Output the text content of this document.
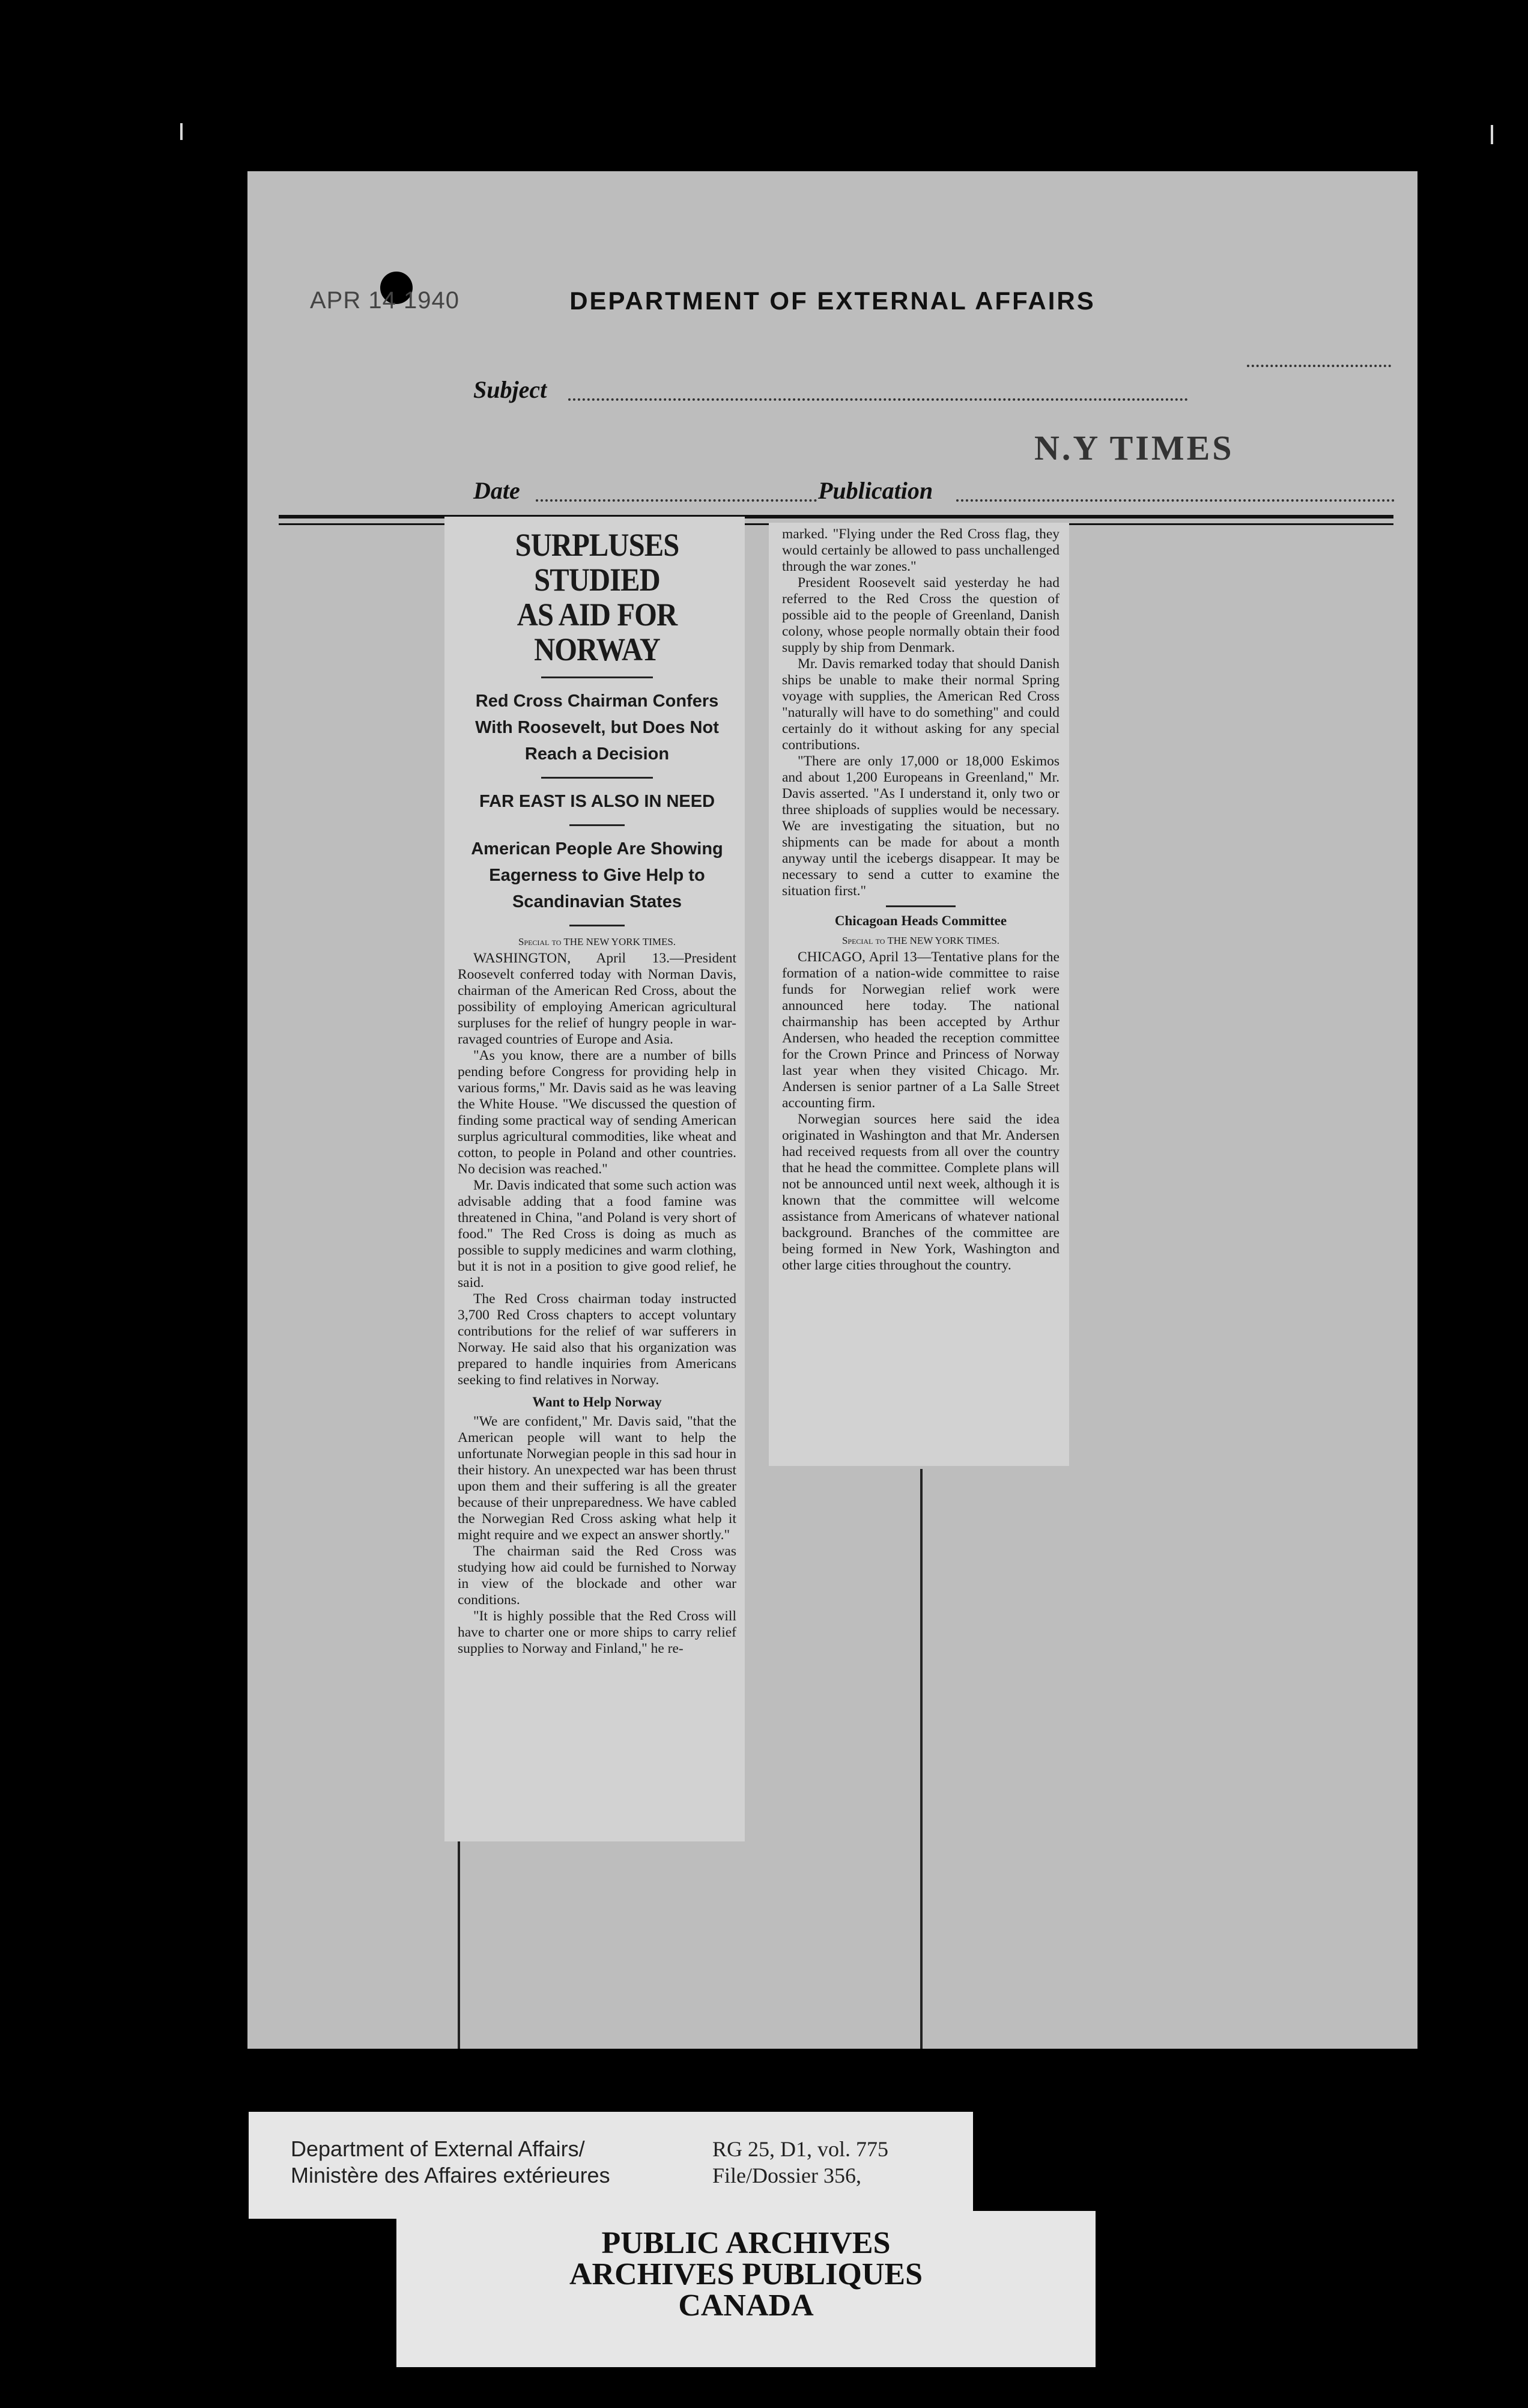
DEPARTMENT OF EXTERNAL AFFAIRS
Subject
Date	Publication
APR 14 1940
N.Y TIMES
SURPLUSES STUDIED
AS AID FOR NORWAY
Red Cross Chairman Confers With Roosevelt, but Does Not Reach a Decision
FAR EAST IS ALSO IN NEED
American People Are Showing Eagerness to Give Help to Scandinavian States
Special to THE NEW YORK TIMES.

WASHINGTON, April 13.—President Roosevelt conferred today with Norman Davis, chairman of the American Red Cross, about the possibility of employing American agricultural surpluses for the relief of hungry people in war-ravaged countries of Europe and Asia.

"As you know, there are a number of bills pending before Congress for providing help in various forms," Mr. Davis said as he was leaving the White House. "We discussed the question of finding some practical way of sending American surplus agricultural commodities, like wheat and cotton, to people in Poland and other countries. No decision was reached."

Mr. Davis indicated that some such action was advisable adding that a food famine was threatened in China, "and Poland is very short of food." The Red Cross is doing as much as possible to supply medicines and warm clothing, but it is not in a position to give good relief, he said.

The Red Cross chairman today instructed 3,700 Red Cross chapters to accept voluntary contributions for the relief of war sufferers in Norway. He said also that his organization was prepared to handle inquiries from Americans seeking to find relatives in Norway.

Want to Help Norway

"We are confident," Mr. Davis said, "that the American people will want to help the unfortunate Norwegian people in this sad hour in their history. An unexpected war has been thrust upon them and their suffering is all the greater because of their unpreparedness. We have cabled the Norwegian Red Cross asking what help it might require and we expect an answer shortly."

The chairman said the Red Cross was studying how aid could be furnished to Norway in view of the blockade and other war conditions.

"It is highly possible that the Red Cross will have to charter one or more ships to carry relief supplies to Norway and Finland," he re-

marked. "Flying under the Red Cross flag, they would certainly be allowed to pass unchallenged through the war zones."

President Roosevelt said yesterday he had referred to the Red Cross the question of possible aid to the people of Greenland, Danish colony, whose people normally obtain their food supply by ship from Denmark.

Mr. Davis remarked today that should Danish ships be unable to make their normal Spring voyage with supplies, the American Red Cross "naturally will have to do something" and could certainly do it without asking for any special contributions.

"There are only 17,000 or 18,000 Eskimos and about 1,200 Europeans in Greenland," Mr. Davis asserted. "As I understand it, only two or three shiploads of supplies would be necessary. We are investigating the situation, but no shipments can be made for about a month anyway until the icebergs disappear. It may be necessary to send a cutter to examine the situation first."

Chicagoan Heads Committee
Special to THE NEW YORK TIMES.

CHICAGO, April 13—Tentative plans for the formation of a nation-wide committee to raise funds for Norwegian relief work were announced here today. The national chairmanship has been accepted by Arthur Andersen, who headed the reception committee for the Crown Prince and Princess of Norway last year when they visited Chicago. Mr. Andersen is senior partner of a La Salle Street accounting firm.

Norwegian sources here said the idea originated in Washington and that Mr. Andersen had received requests from all over the country that he head the committee. Complete plans will not be announced until next week, although it is known that the committee will welcome assistance from Americans of whatever national background. Branches of the committee are being formed in New York, Washington and other large cities throughout the country.

Department of External Affairs/
Ministère des Affaires extérieures
RG 25, D1, vol. 775
File/Dossier 356,
PUBLIC ARCHIVES
ARCHIVES PUBLIQUES
CANADA
